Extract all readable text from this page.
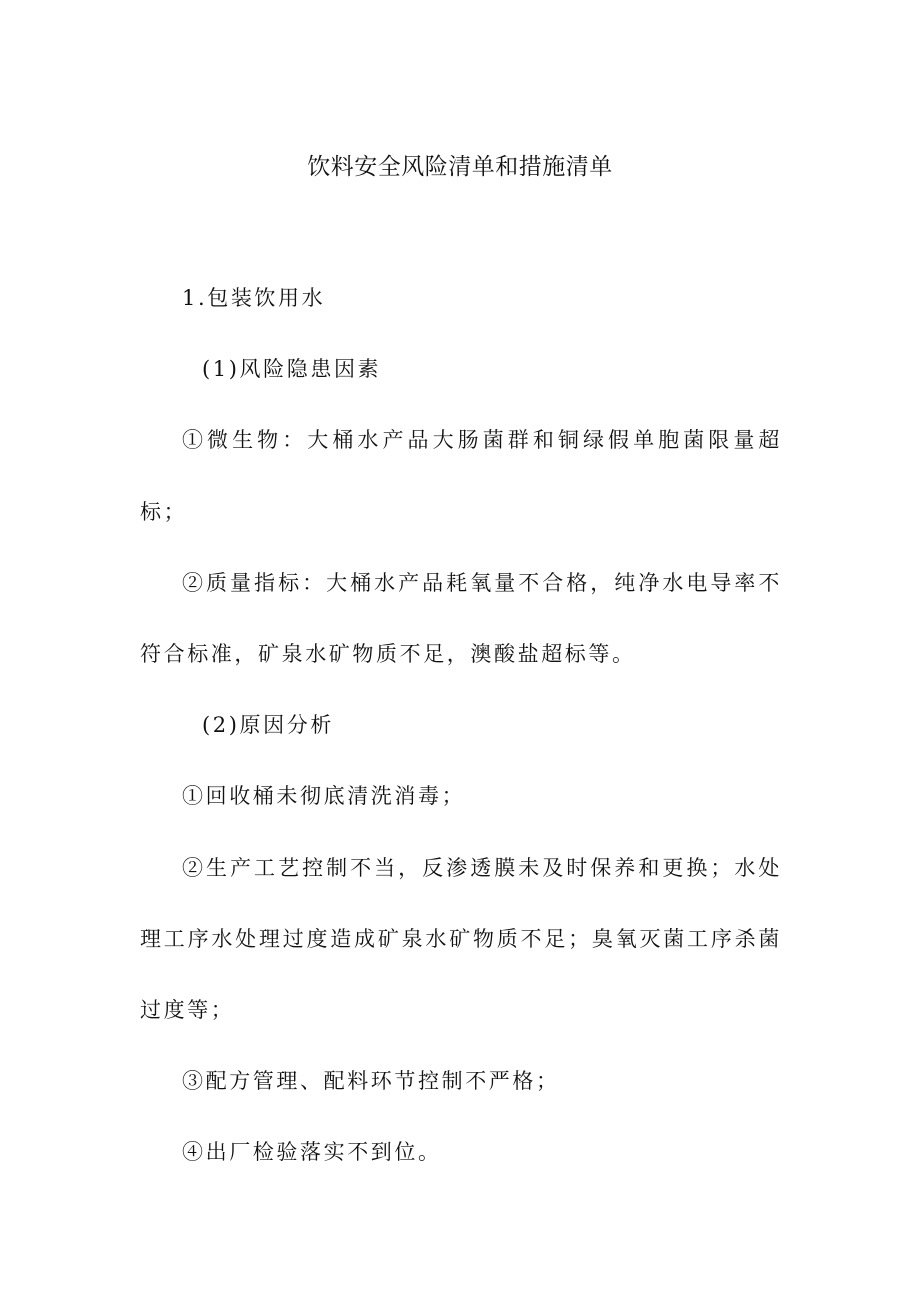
饮料安全风险清单和措施清单

1.包装饮用水

(1)风险隐患因素

①微生物：大桶水产品大肠菌群和铜绿假单胞菌限量超标；

②质量指标：大桶水产品耗氧量不合格，纯净水电导率不符合标准，矿泉水矿物质不足，澳酸盐超标等。

(2)原因分析

①回收桶未彻底清洗消毒；

②生产工艺控制不当，反渗透膜未及时保养和更换；水处理工序水处理过度造成矿泉水矿物质不足；臭氧灭菌工序杀菌过度等；

③配方管理、配料环节控制不严格；

④出厂检验落实不到位。
